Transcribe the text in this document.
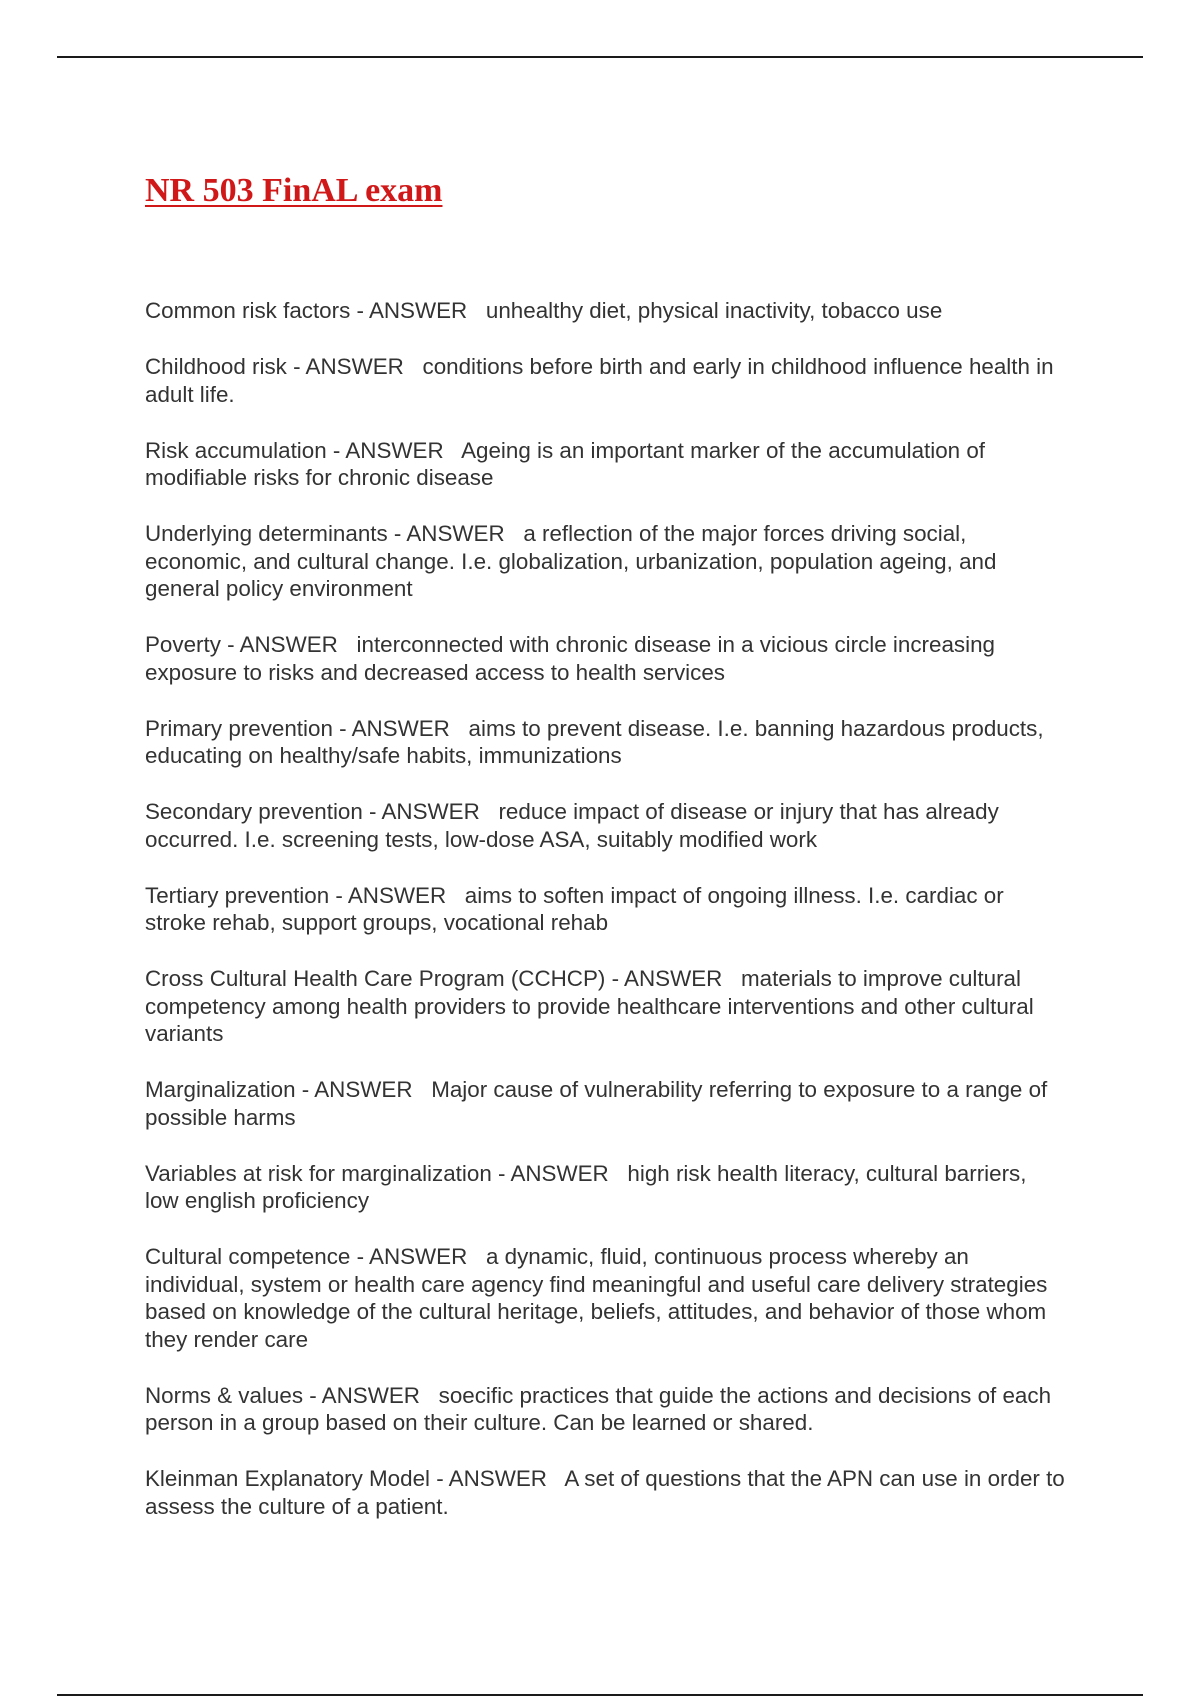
NR 503 FinAL exam

Common risk factors - ANSWER unhealthy diet, physical inactivity, tobacco use

Childhood risk - ANSWER conditions before birth and early in childhood influence health in adult life.

Risk accumulation - ANSWER Ageing is an important marker of the accumulation of modifiable risks for chronic disease

Underlying determinants - ANSWER a reflection of the major forces driving social, economic, and cultural change. I.e. globalization, urbanization, population ageing, and general policy environment

Poverty - ANSWER interconnected with chronic disease in a vicious circle increasing exposure to risks and decreased access to health services

Primary prevention - ANSWER aims to prevent disease. I.e. banning hazardous products, educating on healthy/safe habits, immunizations

Secondary prevention - ANSWER reduce impact of disease or injury that has already occurred. I.e. screening tests, low-dose ASA, suitably modified work

Tertiary prevention - ANSWER aims to soften impact of ongoing illness. I.e. cardiac or stroke rehab, support groups, vocational rehab

Cross Cultural Health Care Program (CCHCP) - ANSWER materials to improve cultural competency among health providers to provide healthcare interventions and other cultural variants

Marginalization - ANSWER Major cause of vulnerability referring to exposure to a range of possible harms

Variables at risk for marginalization - ANSWER high risk health literacy, cultural barriers, low english proficiency

Cultural competence - ANSWER a dynamic, fluid, continuous process whereby an individual, system or health care agency find meaningful and useful care delivery strategies based on knowledge of the cultural heritage, beliefs, attitudes, and behavior of those whom they render care

Norms & values - ANSWER soecific practices that guide the actions and decisions of each person in a group based on their culture. Can be learned or shared.

Kleinman Explanatory Model - ANSWER A set of questions that the APN can use in order to assess the culture of a patient.
